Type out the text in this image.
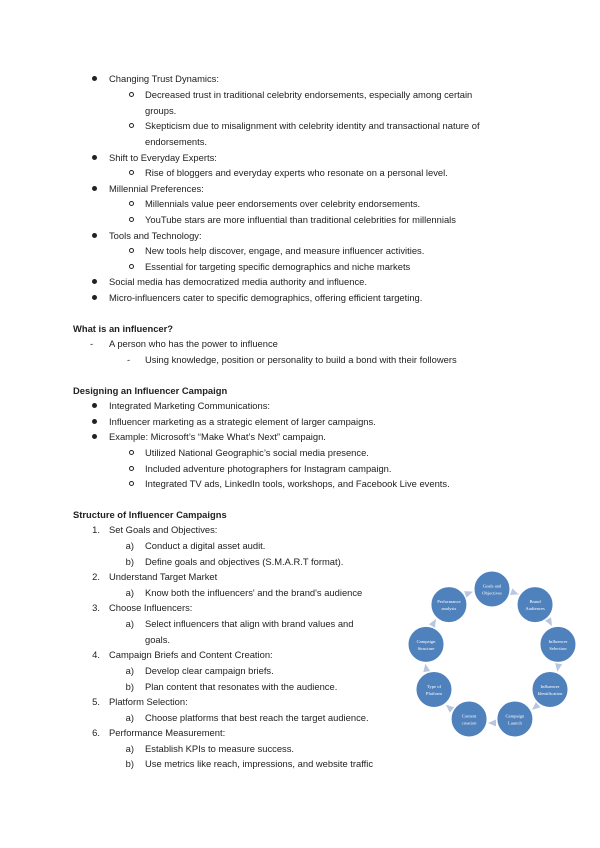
Changing Trust Dynamics:
Decreased trust in traditional celebrity endorsements, especially among certain
groups.
Skepticism due to misalignment with celebrity identity and transactional nature of
endorsements.
Shift to Everyday Experts:
Rise of bloggers and everyday experts who resonate on a personal level.
Millennial Preferences:
Millennials value peer endorsements over celebrity endorsements.
YouTube stars are more influential than traditional celebrities for millennials
Tools and Technology:
New tools help discover, engage, and measure influencer activities.
Essential for targeting specific demographics and niche markets
Social media has democratized media authority and influence.
Micro-influencers cater to specific demographics, offering efficient targeting.
What is an influencer?
- A person who has the power to influence
- Using knowledge, position or personality to build a bond with their followers
Designing an Influencer Campaign
Integrated Marketing Communications:
Influencer marketing as a strategic element of larger campaigns.
Example: Microsoft’s “Make What’s Next” campaign.
Utilized National Geographic’s social media presence.
Included adventure photographers for Instagram campaign.
Integrated TV ads, LinkedIn tools, workshops, and Facebook Live events.
Structure of Influencer Campaigns
1. Set Goals and Objectives:
a) Conduct a digital asset audit.
b) Define goals and objectives (S.M.A.R.T format).
2. Understand Target Market
a) Know both the influencers' and the brand's audience
3. Choose Influencers:
a) Select influencers that align with brand values and
goals.
4. Campaign Briefs and Content Creation:
a) Develop clear campaign briefs.
b) Plan content that resonates with the audience.
5. Platform Selection:
a) Choose platforms that best reach the target audience.
6. Performance Measurement:
a) Establish KPIs to measure success.
b) Use metrics like reach, impressions, and website traffic
Goals and
Objectives
Brand
Audiences
Influencer
Selection
Influencer
Identification
Campaign
Launch
Content
creation
Type of
Platform
Campaign
Structure
Performance
analysis
